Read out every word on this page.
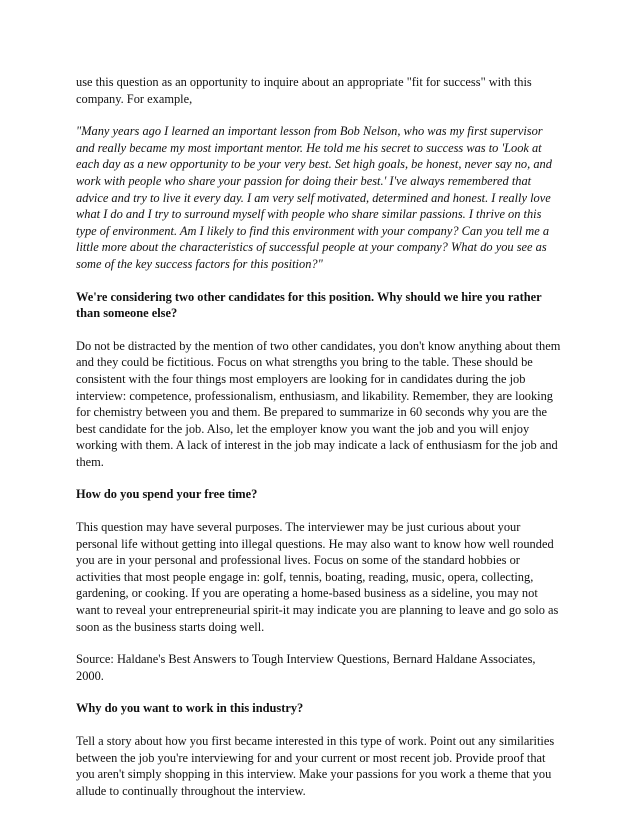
use this question as an opportunity to inquire about an appropriate "fit for success" with this company. For example,

"Many years ago I learned an important lesson from Bob Nelson, who was my first supervisor and really became my most important mentor. He told me his secret to success was to 'Look at each day as a new opportunity to be your very best. Set high goals, be honest, never say no, and work with people who share your passion for doing their best.' I've always remembered that advice and try to live it every day. I am very self motivated, determined and honest. I really love what I do and I try to surround myself with people who share similar passions. I thrive on this type of environment. Am I likely to find this environment with your company? Can you tell me a little more about the characteristics of successful people at your company? What do you see as some of the key success factors for this position?"

We're considering two other candidates for this position. Why should we hire you rather than someone else?

Do not be distracted by the mention of two other candidates, you don't know anything about them and they could be fictitious. Focus on what strengths you bring to the table. These should be consistent with the four things most employers are looking for in candidates during the job interview: competence, professionalism, enthusiasm, and likability. Remember, they are looking for chemistry between you and them. Be prepared to summarize in 60 seconds why you are the best candidate for the job. Also, let the employer know you want the job and you will enjoy working with them. A lack of interest in the job may indicate a lack of enthusiasm for the job and them.

How do you spend your free time?

This question may have several purposes. The interviewer may be just curious about your personal life without getting into illegal questions. He may also want to know how well rounded you are in your personal and professional lives. Focus on some of the standard hobbies or activities that most people engage in: golf, tennis, boating, reading, music, opera, collecting, gardening, or cooking. If you are operating a home-based business as a sideline, you may not want to reveal your entrepreneurial spirit-it may indicate you are planning to leave and go solo as soon as the business starts doing well.

Source: Haldane's Best Answers to Tough Interview Questions, Bernard Haldane Associates, 2000.

Why do you want to work in this industry?

Tell a story about how you first became interested in this type of work. Point out any similarities between the job you're interviewing for and your current or most recent job. Provide proof that you aren't simply shopping in this interview. Make your passions for you work a theme that you allude to continually throughout the interview.
